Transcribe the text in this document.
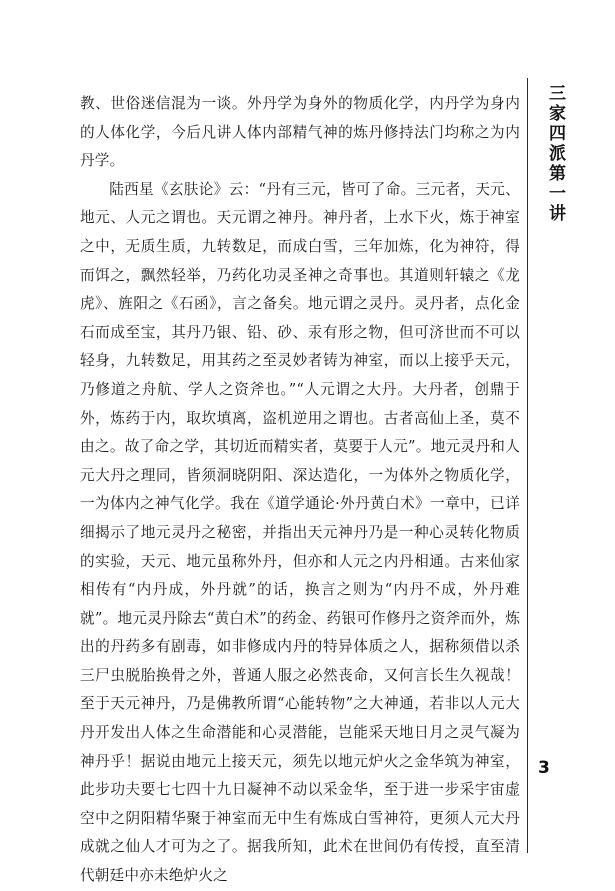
教、世俗迷信混为一谈。外丹学为身外的物质化学，内丹学为身内的人体化学，今后凡讲人体内部精气神的炼丹修持法门均称之为内丹学。

陆西星《玄肤论》云：“丹有三元，皆可了命。三元者，天元、地元、人元之谓也。天元谓之神丹。神丹者，上水下火，炼于神室之中，无质生质，九转数足，而成白雪，三年加炼，化为神符，得而饵之，飘然轻举，乃药化功灵圣神之奇事也。其道则轩辕之《龙虎》、旌阳之《石函》，言之备矣。地元谓之灵丹。灵丹者，点化金石而成至宝，其丹乃银、铅、砂、汞有形之物，但可济世而不可以轻身，九转数足，用其药之至灵妙者铸为神室，而以上接乎天元，乃修道之舟航、学人之资斧也。”“人元谓之大丹。大丹者，创鼎于外，炼药于内，取坎填离，盗机逆用之谓也。古者高仙上圣，莫不由之。故了命之学，其切近而精实者，莫要于人元”。地元灵丹和人元大丹之理同，皆须洞晓阴阳、深达造化，一为体外之物质化学，一为体内之神气化学。我在《道学通论·外丹黄白术》一章中，已详细揭示了地元灵丹之秘密，并指出天元神丹乃是一种心灵转化物质的实验，天元、地元虽称外丹，但亦和人元之内丹相通。古来仙家相传有“内丹成，外丹就”的话，换言之则为“内丹不成，外丹难就”。地元灵丹除去“黄白术”的药金、药银可作修丹之资斧而外，炼出的丹药多有剧毒，如非修成内丹的特异体质之人，据称须借以杀三尸虫脱胎换骨之外，普通人服之必然丧命，又何言长生久视哉！至于天元神丹，乃是佛教所谓“心能转物”之大神通，若非以人元大丹开发出人体之生命潜能和心灵潜能，岂能采天地日月之灵气凝为神丹乎！据说由地元上接天元，须先以地元炉火之金华筑为神室，此步功夫要七七四十九日凝神不动以采金华，至于进一步采宇宙虚空中之阴阳精华聚于神室而无中生有炼成白雪神符，更须人元大丹成就之仙人才可为之了。据我所知，此术在世间仍有传授，直至清代朝廷中亦未绝炉火之

三家四派第一讲
3
